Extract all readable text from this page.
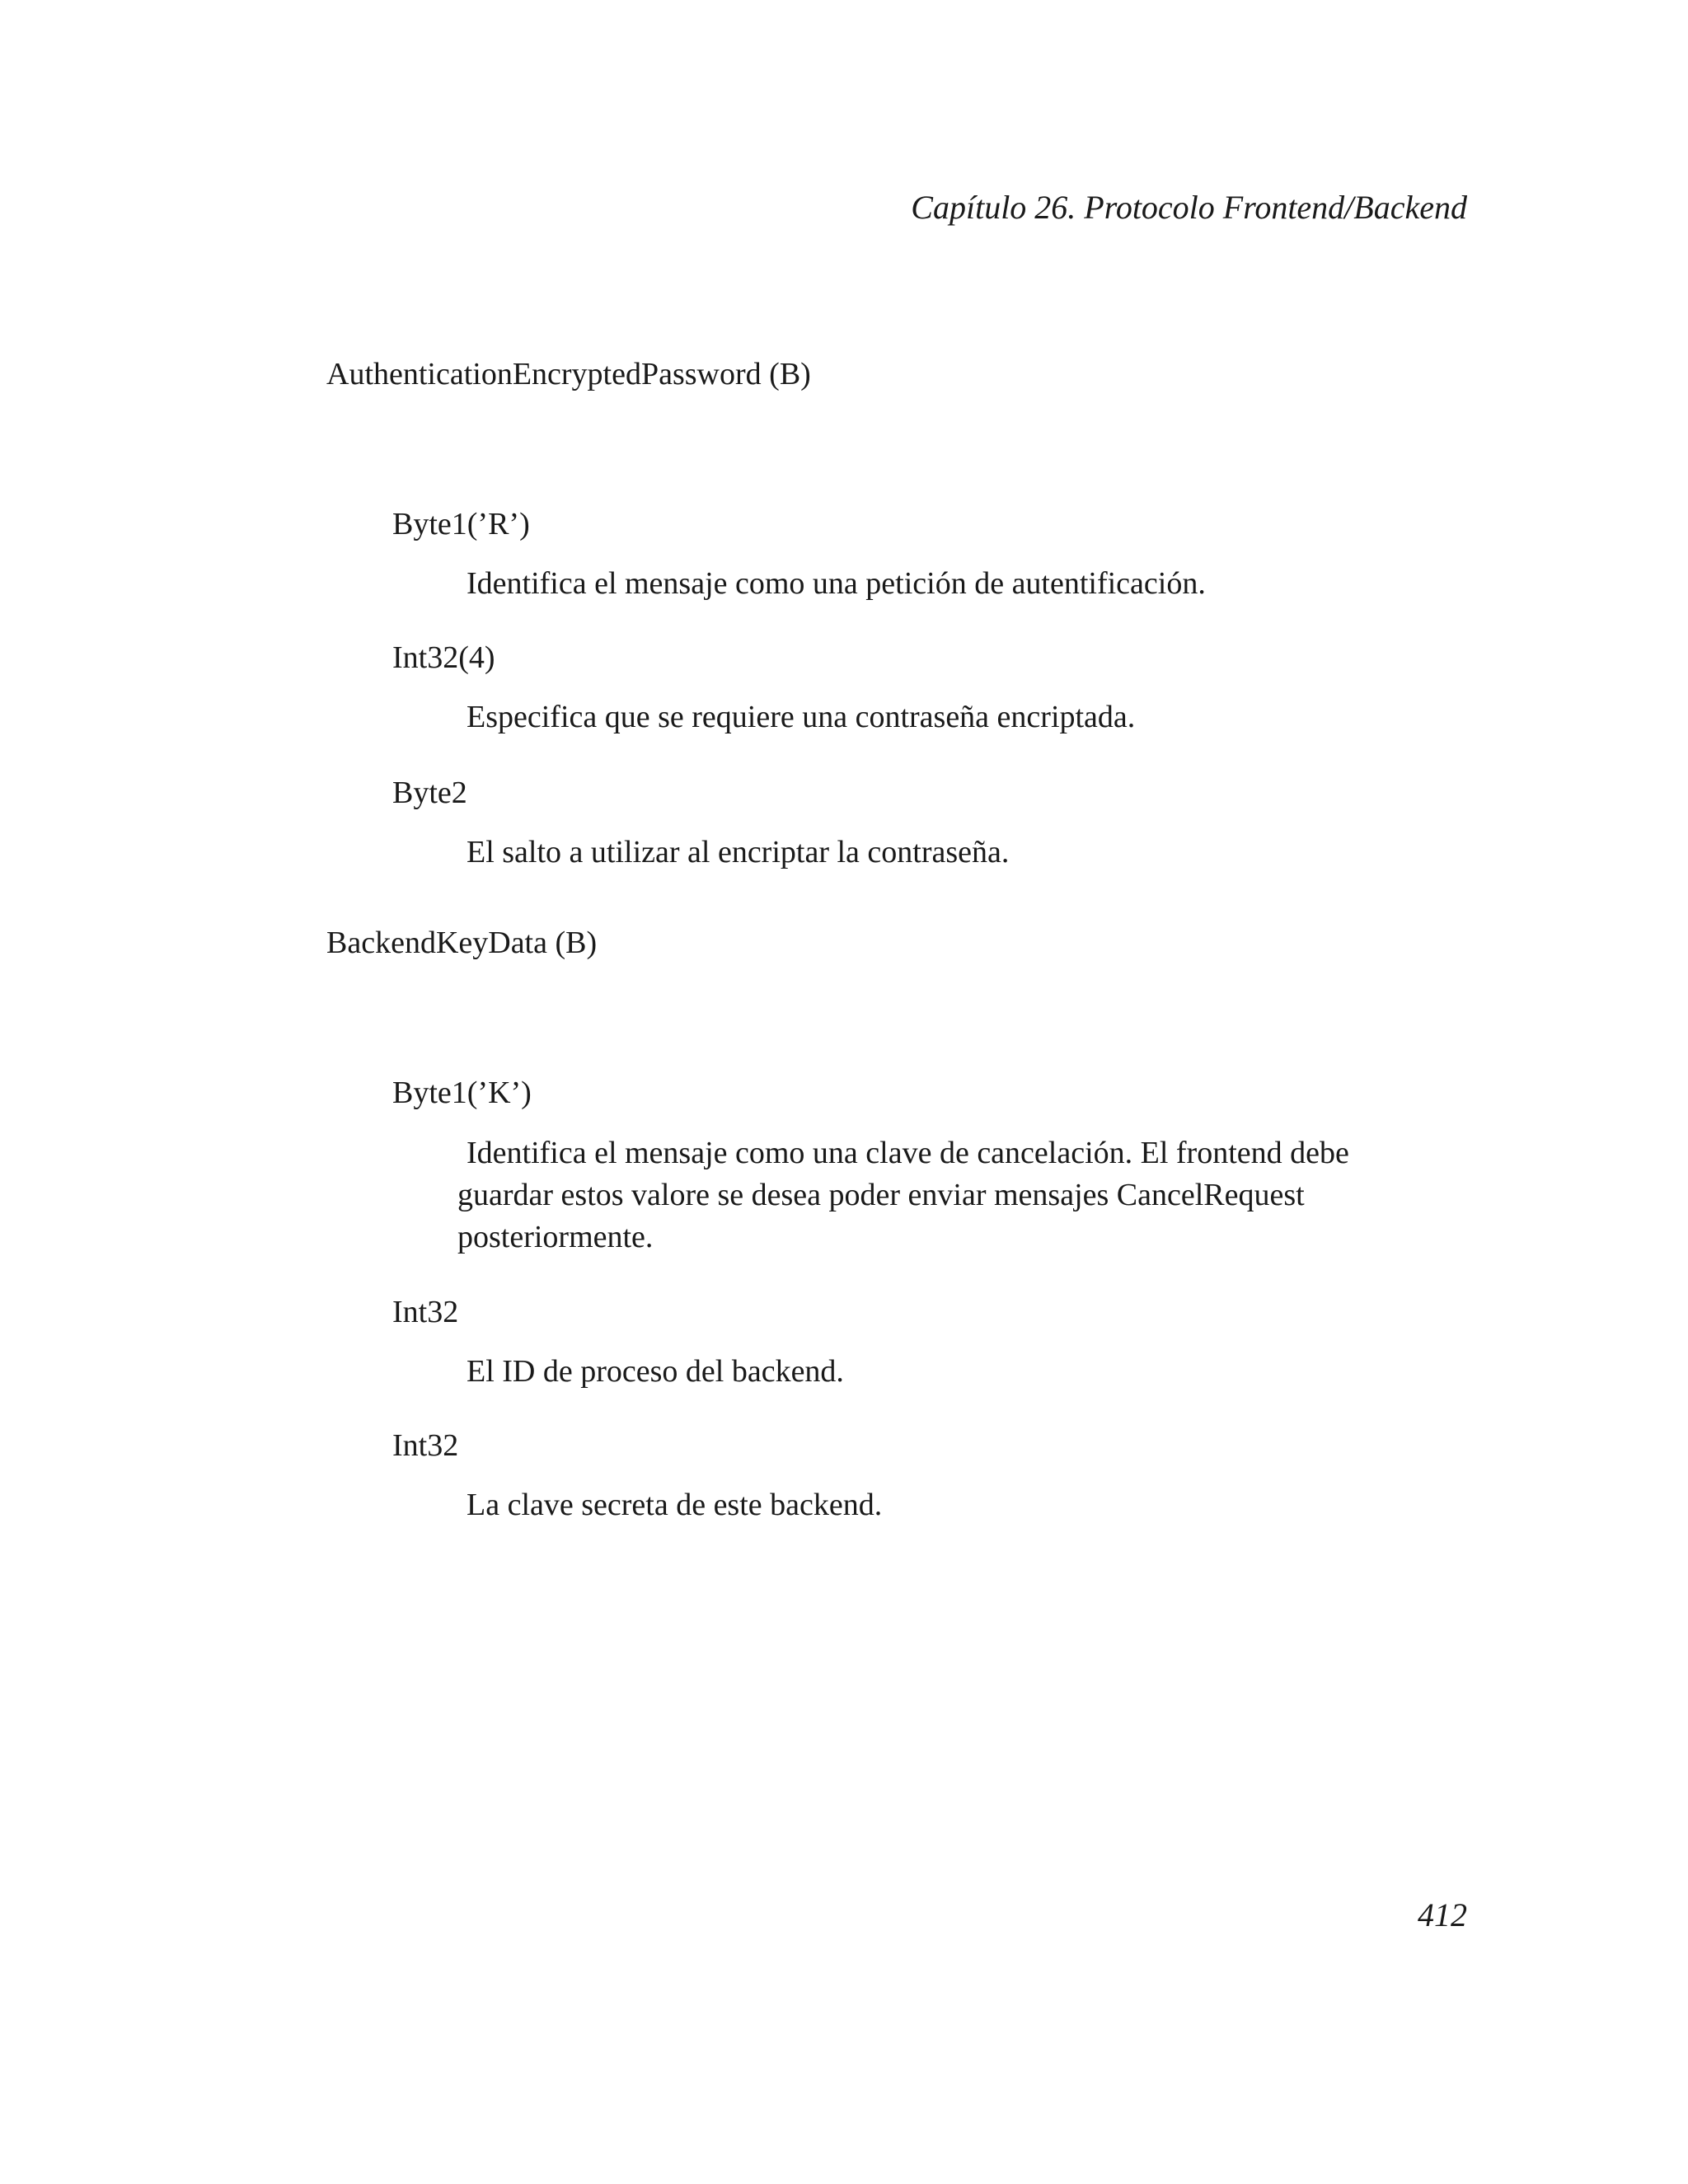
Capítulo 26. Protocolo Frontend/Backend
AuthenticationEncryptedPassword (B)
Byte1(’R’)
Identifica el mensaje como una petición de autentificación.
Int32(4)
Especifica que se requiere una contraseña encriptada.
Byte2
El salto a utilizar al encriptar la contraseña.
BackendKeyData (B)
Byte1(’K’)
Identifica el mensaje como una clave de cancelación. El frontend debe
guardar estos valore se desea poder enviar mensajes CancelRequest
posteriormente.
Int32
El ID de proceso del backend.
Int32
La clave secreta de este backend.
412
